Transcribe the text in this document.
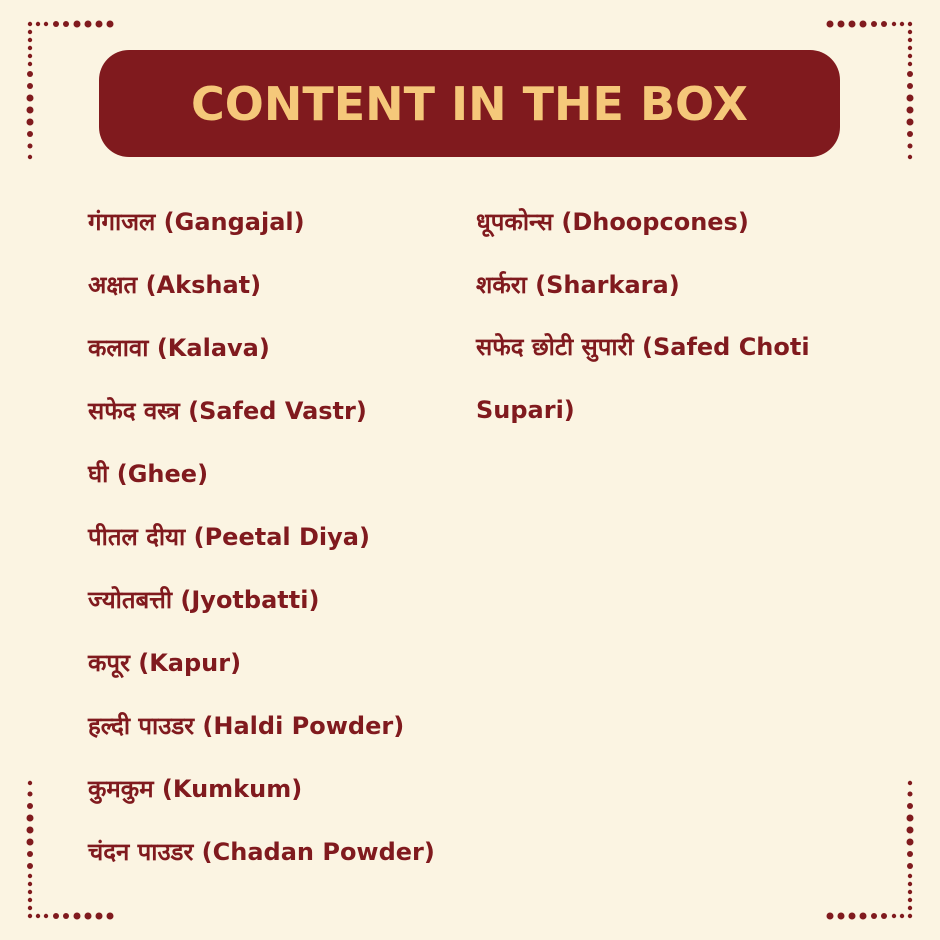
CONTENT IN THE BOX
गंगाजल (Gangajal)
अक्षत (Akshat)
कलावा (Kalava)
सफेद वस्त्र (Safed Vastr)
घी (Ghee)
पीतल दीया (Peetal Diya)
ज्योतबत्ती (Jyotbatti)
कपूर (Kapur)
हल्दी पाउडर (Haldi Powder)
कुमकुम (Kumkum)
चंदन पाउडर (Chadan Powder)
धूपकोन्स (Dhoopcones)
शर्करा (Sharkara)
सफेद छोटी सुपारी (Safed Choti Supari)
